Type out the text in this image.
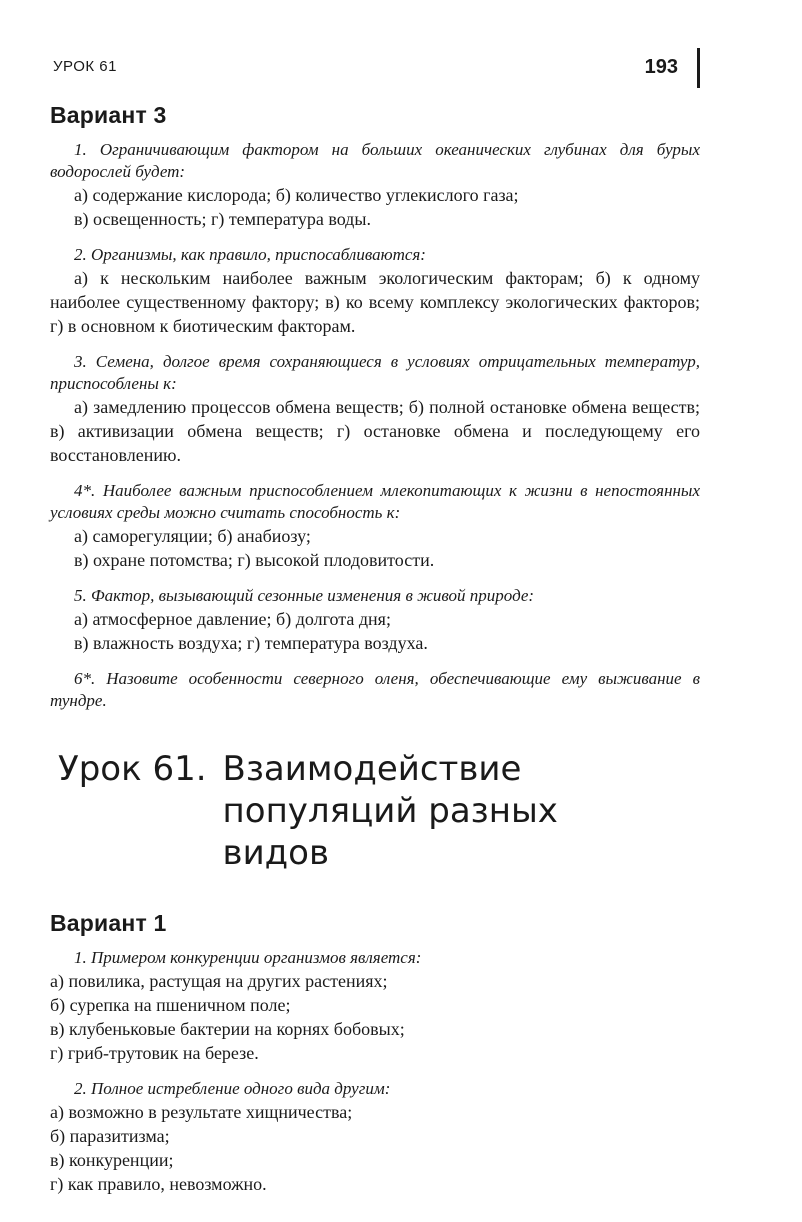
УРОК 61	193
Вариант 3

1. Ограничивающим фактором на больших океанических глубинах для бурых водорослей будет:

а) содержание кислорода; б) количество углекислого газа;

в) освещенность; г) температура воды.

2. Организмы, как правило, приспосабливаются:

а) к нескольким наиболее важным экологическим факторам; б) к одному наиболее существенному фактору; в) ко всему комплексу экологических факторов; г) в основном к биотическим факторам.

3. Семена, долгое время сохраняющиеся в условиях отрицательных температур, приспособлены к:

а) замедлению процессов обмена веществ; б) полной остановке обмена веществ; в) активизации обмена веществ; г) остановке обмена и последующему его восстановлению.

4*. Наиболее важным приспособлением млекопитающих к жизни в непостоянных условиях среды можно считать способность к:

а) саморегуляции; б) анабиозу;

в) охране потомства; г) высокой плодовитости.

5. Фактор, вызывающий сезонные изменения в живой природе:

а) атмосферное давление; б) долгота дня;

в) влажность воздуха; г) температура воздуха.

6*. Назовите особенности северного оленя, обеспечивающие ему выживание в тундре.

Урок 61. Взаимодействие популяций разных видов
Вариант 1

1. Примером конкуренции организмов является:

а) повилика, растущая на других растениях;

б) сурепка на пшеничном поле;

в) клубеньковые бактерии на корнях бобовых;

г) гриб-трутовик на березе.

2. Полное истребление одного вида другим:

а) возможно в результате хищничества;

б) паразитизма;

в) конкуренции;

г) как правило, невозможно.
